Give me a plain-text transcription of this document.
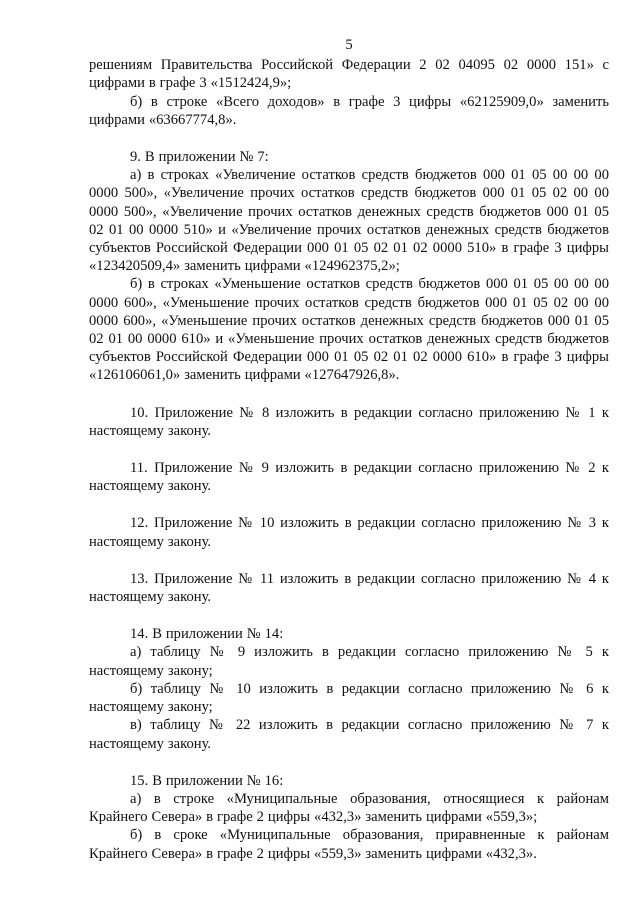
5

решениям Правительства Российской Федерации 2 02 04095 02 0000 151» с цифрами в графе 3 «1512424,9»;

б) в строке «Всего доходов» в графе 3 цифры «62125909,0» заменить цифрами «63667774,8».

9. В приложении № 7:

а) в строках «Увеличение остатков средств бюджетов 000 01 05 00 00 00 0000 500», «Увеличение прочих остатков средств бюджетов 000 01 05 02 00 00 0000 500», «Увеличение прочих остатков денежных средств бюджетов 000 01 05 02 01 00 0000 510» и «Увеличение прочих остатков денежных средств бюджетов субъектов Российской Федерации 000 01 05 02 01 02 0000 510» в графе 3 цифры «123420509,4» заменить цифрами «124962375,2»;

б) в строках «Уменьшение остатков средств бюджетов 000 01 05 00 00 00 0000 600», «Уменьшение прочих остатков средств бюджетов 000 01 05 02 00 00 0000 600», «Уменьшение прочих остатков денежных средств бюджетов 000 01 05 02 01 00 0000 610» и «Уменьшение прочих остатков денежных средств бюджетов субъектов Российской Федерации 000 01 05 02 01 02 0000 610» в графе 3 цифры «126106061,0» заменить цифрами «127647926,8».

10. Приложение № 8 изложить в редакции согласно приложению № 1 к настоящему закону.

11. Приложение № 9 изложить в редакции согласно приложению № 2 к настоящему закону.

12. Приложение № 10 изложить в редакции согласно приложению № 3 к настоящему закону.

13. Приложение № 11 изложить в редакции согласно приложению № 4 к настоящему закону.

14. В приложении № 14:

а) таблицу № 9 изложить в редакции согласно приложению № 5 к настоящему закону;

б) таблицу № 10 изложить в редакции согласно приложению № 6 к настоящему закону;

в) таблицу № 22 изложить в редакции согласно приложению № 7 к настоящему закону.

15. В приложении № 16:

а) в строке «Муниципальные образования, относящиеся к районам Крайнего Севера» в графе 2 цифры «432,3» заменить цифрами «559,3»;

б) в сроке «Муниципальные образования, приравненные к районам Крайнего Севера» в графе 2 цифры «559,3» заменить цифрами «432,3».
